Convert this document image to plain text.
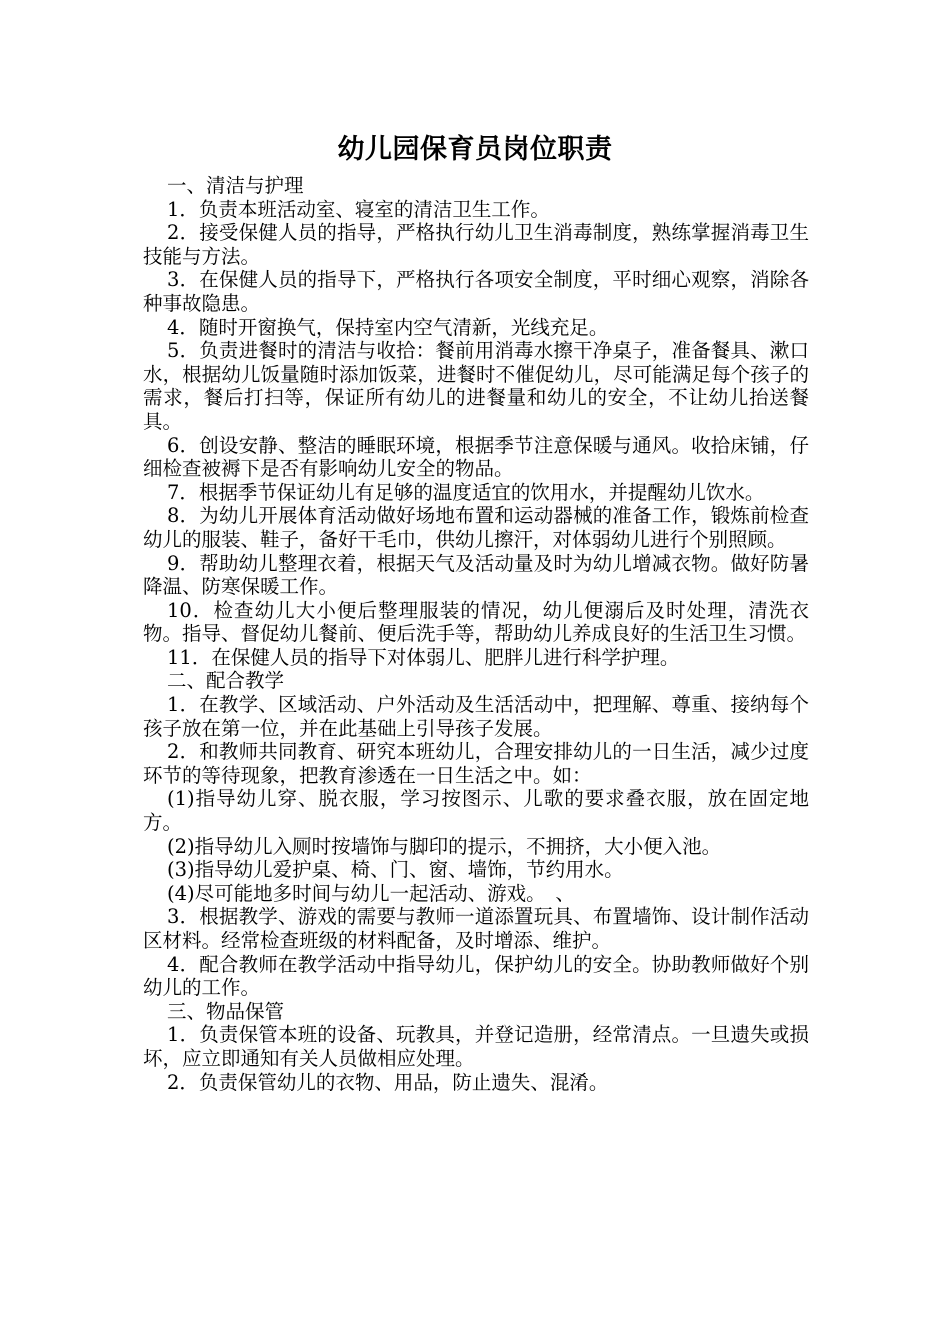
幼儿园保育员岗位职责

一、清洁与护理

1．负责本班活动室、寝室的清洁卫生工作。

2．接受保健人员的指导，严格执行幼儿卫生消毒制度，熟练掌握消毒卫生技能与方法。

3．在保健人员的指导下，严格执行各项安全制度，平时细心观察，消除各种事故隐患。

4．随时开窗换气，保持室内空气清新，光线充足。

5．负责进餐时的清洁与收拾：餐前用消毒水擦干净桌子，准备餐具、漱口水，根据幼儿饭量随时添加饭菜，进餐时不催促幼儿，尽可能满足每个孩子的需求，餐后打扫等，保证所有幼儿的进餐量和幼儿的安全，不让幼儿抬送餐具。

6．创设安静、整洁的睡眠环境，根据季节注意保暖与通风。收拾床铺，仔细检查被褥下是否有影响幼儿安全的物品。

7．根据季节保证幼儿有足够的温度适宜的饮用水，并提醒幼儿饮水。

8．为幼儿开展体育活动做好场地布置和运动器械的准备工作，锻炼前检查幼儿的服装、鞋子，备好干毛巾，供幼儿擦汗，对体弱幼儿进行个别照顾。

9．帮助幼儿整理衣着，根据天气及活动量及时为幼儿增减衣物。做好防暑降温、防寒保暖工作。

10．检查幼儿大小便后整理服装的情况，幼儿便溺后及时处理，清洗衣物。指导、督促幼儿餐前、便后洗手等，帮助幼儿养成良好的生活卫生习惯。

11．在保健人员的指导下对体弱儿、肥胖儿进行科学护理。

二、配合教学

1．在教学、区域活动、户外活动及生活活动中，把理解、尊重、接纳每个孩子放在第一位，并在此基础上引导孩子发展。

2．和教师共同教育、研究本班幼儿，合理安排幼儿的一日生活，减少过度环节的等待现象，把教育渗透在一日生活之中。如：

(1)指导幼儿穿、脱衣服，学习按图示、儿歌的要求叠衣服，放在固定地方。

(2)指导幼儿入厕时按墙饰与脚印的提示，不拥挤，大小便入池。

(3)指导幼儿爱护桌、椅、门、窗、墙饰，节约用水。

(4)尽可能地多时间与幼儿一起活动、游戏。　、

3．根据教学、游戏的需要与教师一道添置玩具、布置墙饰、设计制作活动区材料。经常检查班级的材料配备，及时增添、维护。

4．配合教师在教学活动中指导幼儿，保护幼儿的安全。协助教师做好个别幼儿的工作。

三、物品保管

1．负责保管本班的设备、玩教具，并登记造册，经常清点。一旦遗失或损坏，应立即通知有关人员做相应处理。

2．负责保管幼儿的衣物、用品，防止遗失、混淆。
